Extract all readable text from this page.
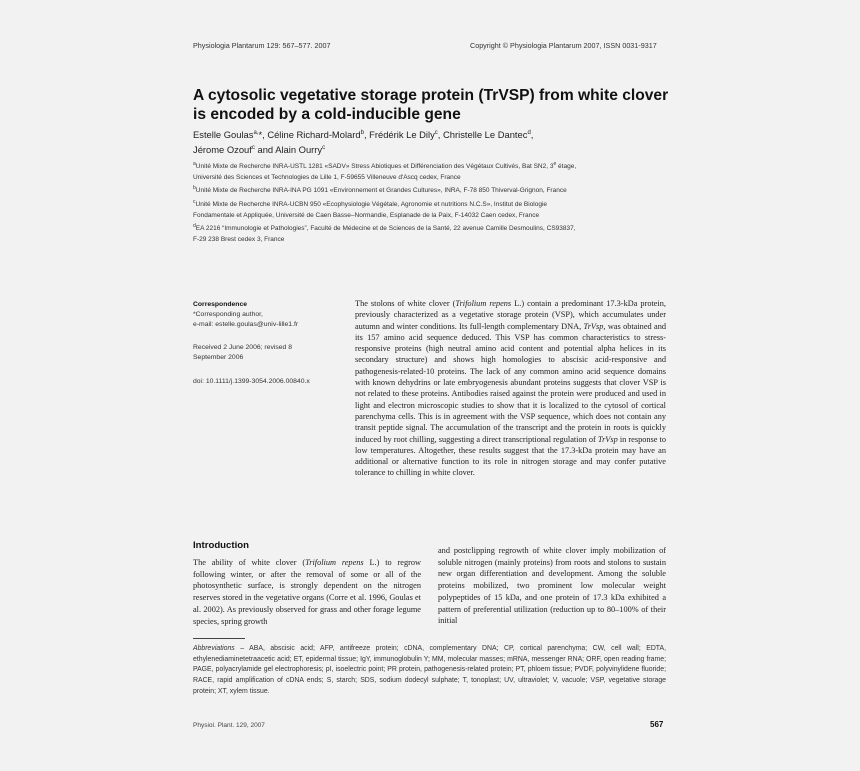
Physiologia Plantarum 129: 567–577. 2007	Copyright © Physiologia Plantarum 2007, ISSN 0031-9317
A cytosolic vegetative storage protein (TrVSP) from white clover is encoded by a cold-inducible gene
Estelle Goulas$^{a,}$*, Céline Richard-Molard$^b$, Frédérik Le Dily$^c$, Christelle Le Dantec$^d$,
Jérome Ozouf$^c$ and Alain Ourry$^c$
$^a$Unité Mixte de Recherche INRA-USTL 1281 «SADV» Stress Abiotiques et Différenciation des Végétaux Cultivés, Bat SN2, 3e étage,
Université des Sciences et Technologies de Lille 1, F-59655 Villeneuve d'Ascq cedex, France
$^b$Unité Mixte de Recherche INRA-INA PG 1091 «Environnement et Grandes Cultures», INRA, F-78 850 Thiverval-Grignon, France
$^c$Unité Mixte de Recherche INRA-UCBN 950 «Ecophysiologie Végétale, Agronomie et nutritions N.C.S», Institut de Biologie
Fondamentale et Appliquée, Université de Caen Basse–Normandie, Esplanade de la Paix, F-14032 Caen cedex, France
$^d$EA 2216 “Immunologie et Pathologies”, Faculté de Médecine et de Sciences de la Santé, 22 avenue Camille Desmoulins, CS93837,
F-29 238 Brest cedex 3, France
Correspondence
*Corresponding author,
e-mail: estelle.goulas@univ-lille1.fr
Received 2 June 2006; revised 8
September 2006
doi: 10.1111/j.1399-3054.2006.00840.x
The stolons of white clover (Trifolium repens L.) contain a predominant 17.3-kDa protein, previously characterized as a vegetative storage protein (VSP), which accumulates under autumn and winter conditions. Its full-length complementary DNA, TrVsp, was obtained and its 157 amino acid sequence deduced. This VSP has common characteristics to stress-responsive proteins (high neutral amino acid content and potential alpha helices in its secondary structure) and shows high homologies to abscisic acid-responsive and pathogenesis-related-10 proteins. The lack of any common amino acid sequence domains with known dehydrins or late embryogenesis abundant proteins suggests that clover VSP is not related to these proteins. Antibodies raised against the protein were produced and used in light and electron microscopic studies to show that it is localized to the cytosol of cortical parenchyma cells. This is in agreement with the VSP sequence, which does not contain any transit peptide signal. The accumulation of the transcript and the protein in roots is quickly induced by root chilling, suggesting a direct transcriptional regulation of TrVsp in response to low temperatures. Altogether, these results suggest that the 17.3-kDa protein may have an additional or alternative function to its role in nitrogen storage and may confer putative tolerance to chilling in white clover.
Introduction
The ability of white clover (Trifolium repens L.) to regrow following winter, or after the removal of some or all of the photosynthetic surface, is strongly dependent on the nitrogen reserves stored in the vegetative organs (Corre et al. 1996, Goulas et al. 2002). As previously observed for grass and other forage legume species, spring growth
and postclipping regrowth of white clover imply mobilization of soluble nitrogen (mainly proteins) from roots and stolons to sustain new organ differentiation and development. Among the soluble proteins mobilized, two prominent low molecular weight polypeptides of 15 kDa, and one protein of 17.3 kDa exhibited a pattern of preferential utilization (reduction up to 80–100% of their initial
Abbreviations – ABA, abscisic acid; AFP, antifreeze protein; cDNA, complementary DNA; CP, cortical parenchyma; CW, cell wall; EDTA, ethylenediaminetetraacetic acid; ET, epidermal tissue; IgY, immunoglobulin Y; MM, molecular masses; mRNA, messenger RNA; ORF, open reading frame; PAGE, polyacrylamide gel electrophoresis; pI, isoelectric point; PR protein, pathogenesis-related protein; PT, phloem tissue; PVDF, polyvinylidene fluoride; RACE, rapid amplification of cDNA ends; S, starch; SDS, sodium dodecyl sulphate; T, tonoplast; UV, ultraviolet; V, vacuole; VSP, vegetative storage protein; XT, xylem tissue.
Physiol. Plant. 129, 2007	567
